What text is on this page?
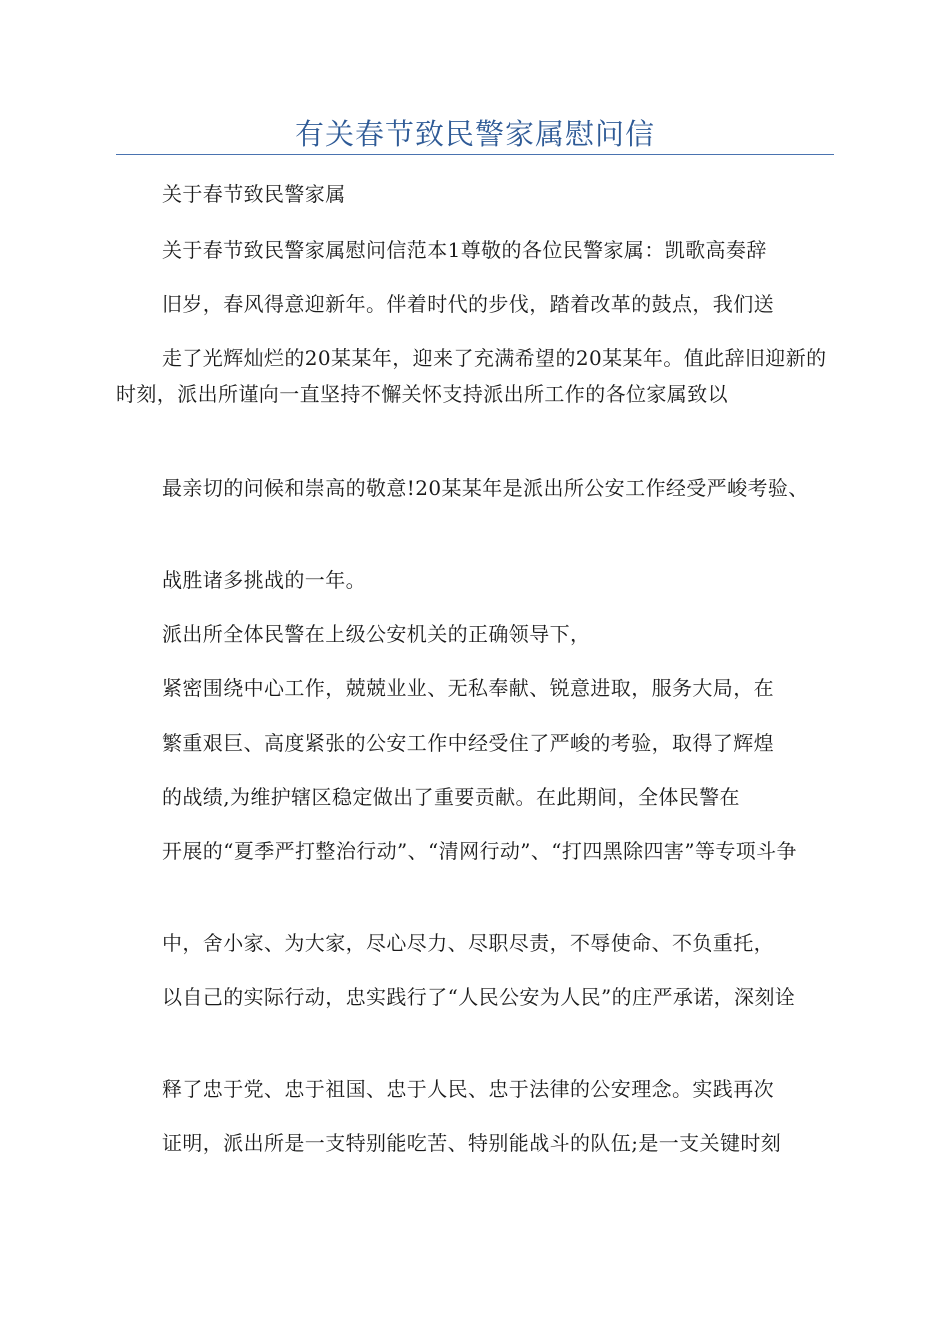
有关春节致民警家属慰问信
关于春节致民警家属
关于春节致民警家属慰问信范本1尊敬的各位民警家属：凯歌高奏辞
旧岁，春风得意迎新年。伴着时代的步伐，踏着改革的鼓点，我们送
走了光辉灿烂的20某某年，迎来了充满希望的20某某年。值此辞旧迎新的时刻，派出所谨向一直坚持不懈关怀支持派出所工作的各位家属致以
最亲切的问候和崇高的敬意!20某某年是派出所公安工作经受严峻考验、
战胜诸多挑战的一年。
派出所全体民警在上级公安机关的正确领导下，
紧密围绕中心工作，兢兢业业、无私奉献、锐意进取，服务大局，在
繁重艰巨、高度紧张的公安工作中经受住了严峻的考验，取得了辉煌
的战绩,为维护辖区稳定做出了重要贡献。在此期间，全体民警在
开展的“夏季严打整治行动”、“清网行动”、“打四黑除四害”等专项斗争
中，舍小家、为大家，尽心尽力、尽职尽责，不辱使命、不负重托，
以自己的实际行动，忠实践行了“人民公安为人民”的庄严承诺，深刻诠
释了忠于党、忠于祖国、忠于人民、忠于法律的公安理念。实践再次
证明，派出所是一支特别能吃苦、特别能战斗的队伍;是一支关键时刻
